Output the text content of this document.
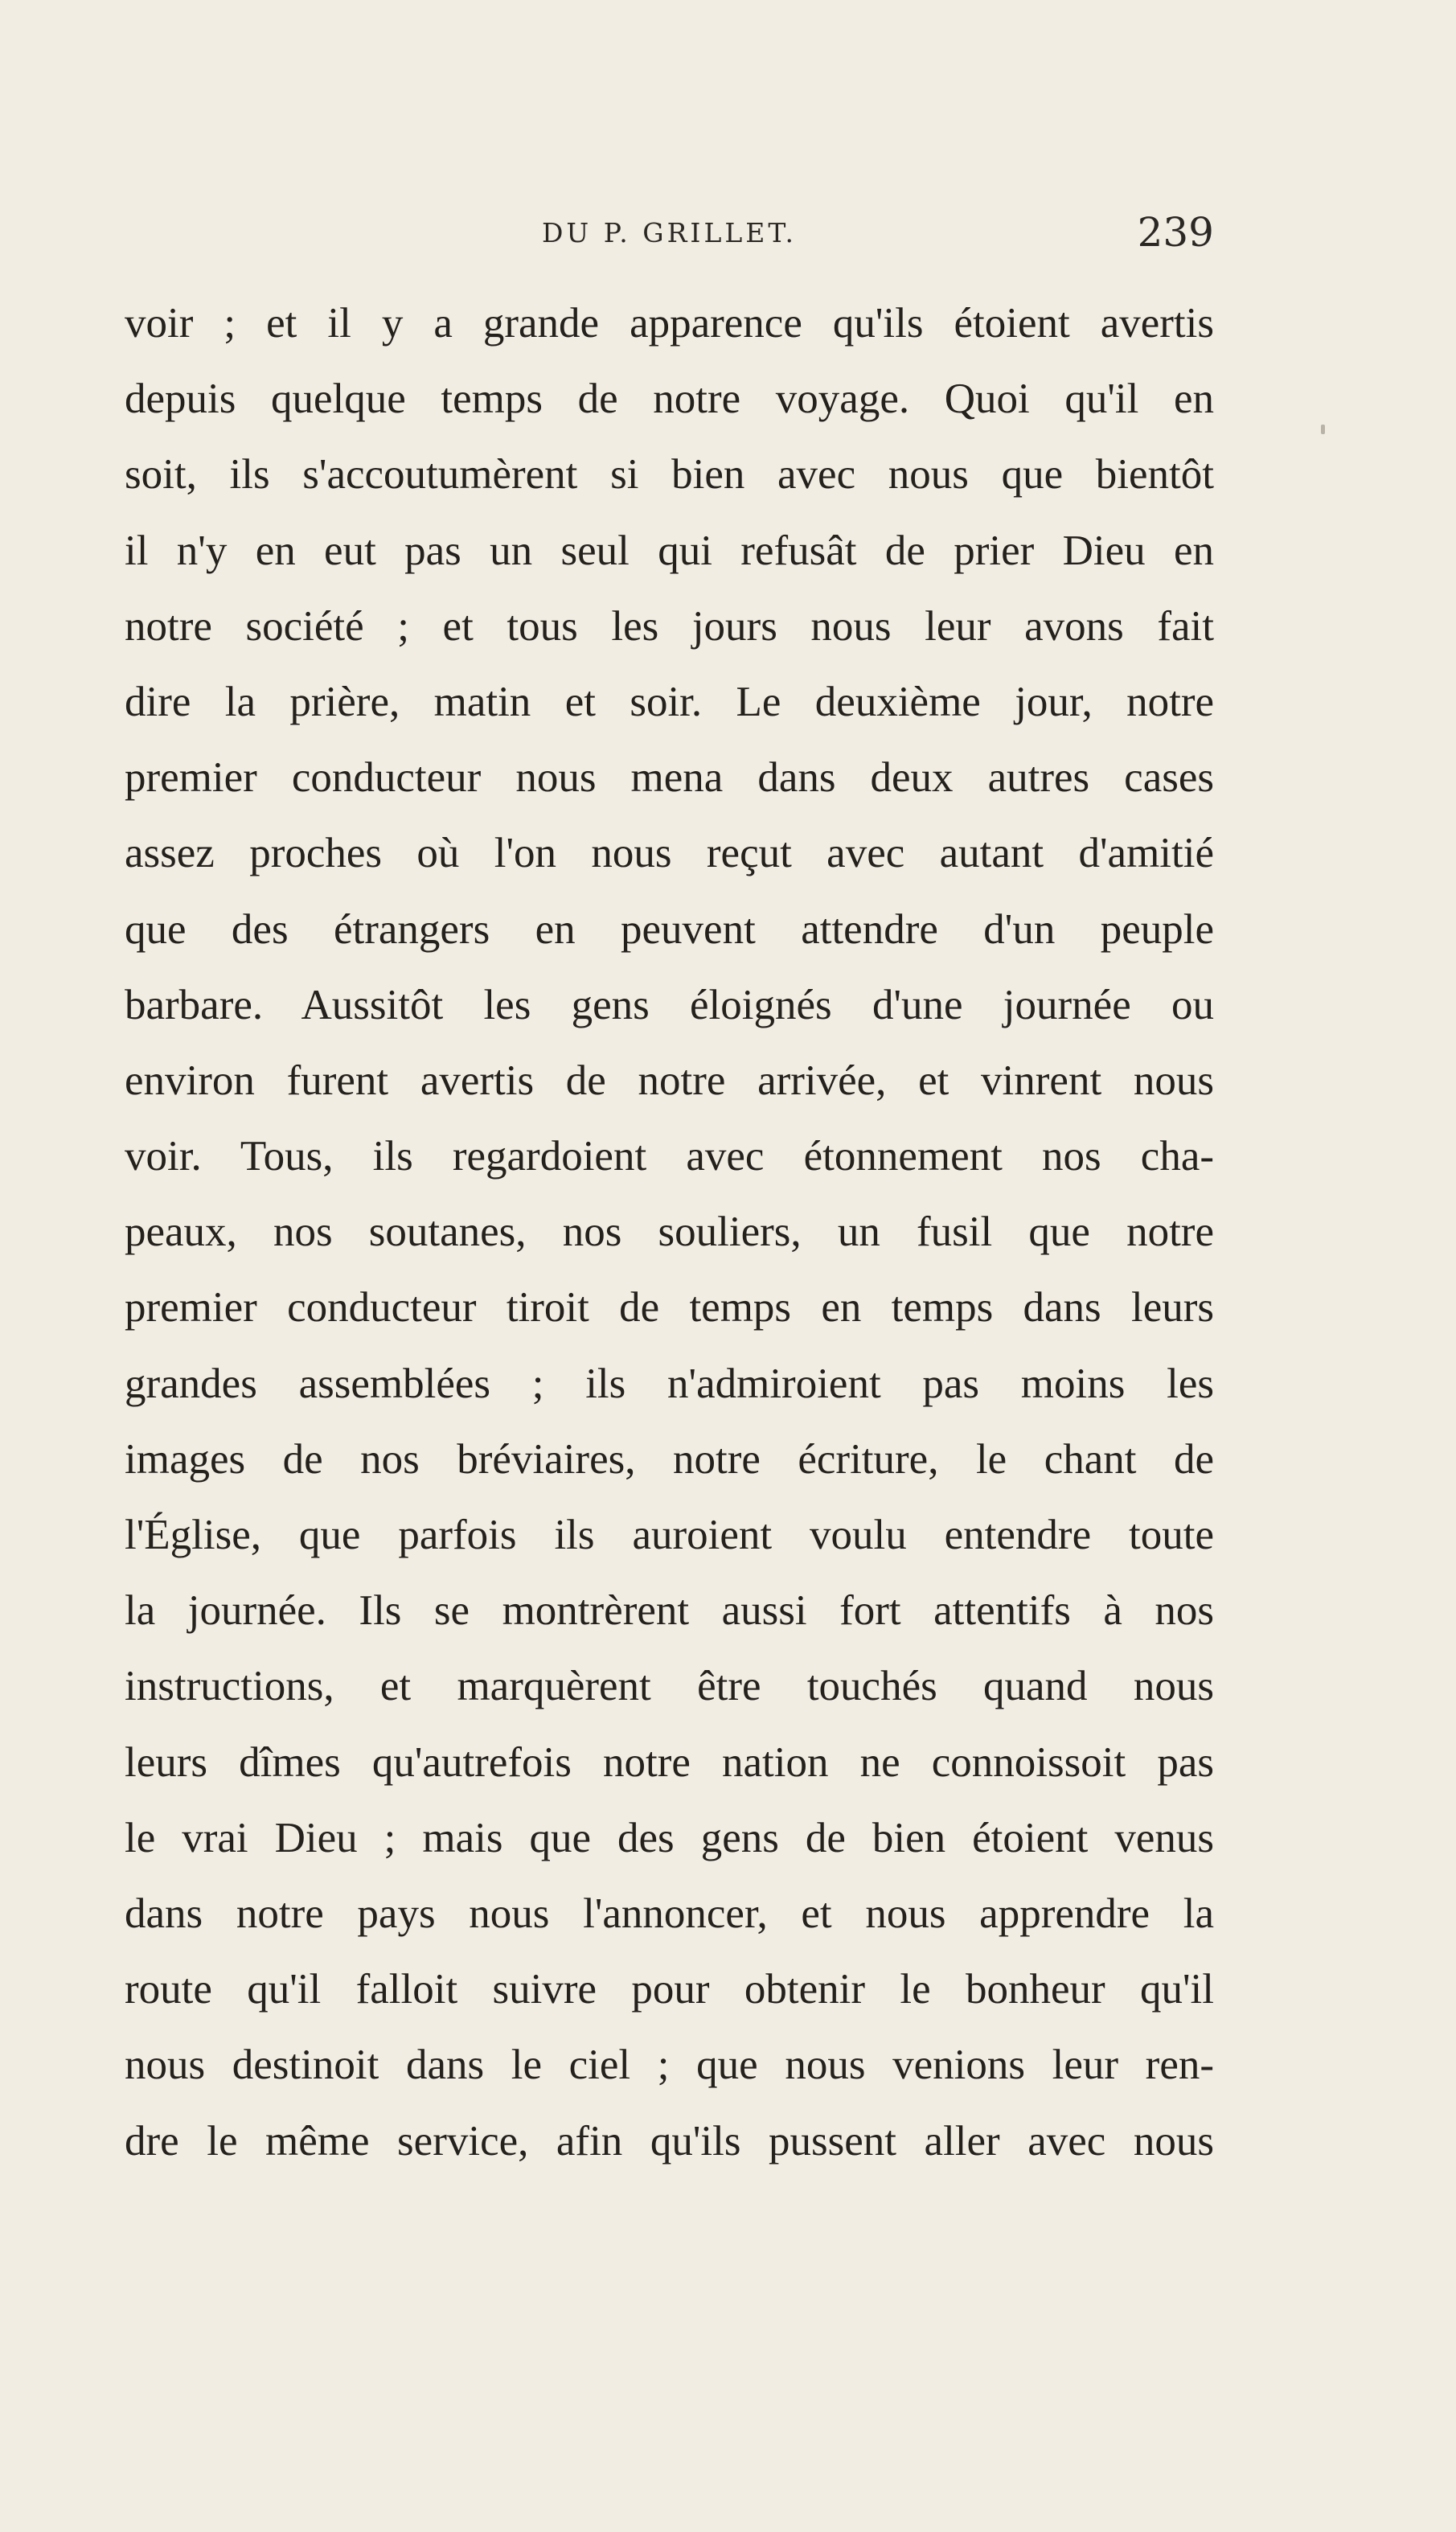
DU P. GRILLET.	239
voir ; et il y a grande apparence qu'ils étoient avertis
depuis quelque temps de notre voyage. Quoi qu'il en
soit, ils s'accoutumèrent si bien avec nous que bientôt
il n'y en eut pas un seul qui refusât de prier Dieu en
notre société ; et tous les jours nous leur avons fait
dire la prière, matin et soir. Le deuxième jour, notre
premier conducteur nous mena dans deux autres cases
assez proches où l'on nous reçut avec autant d'amitié
que des étrangers en peuvent attendre d'un peuple
barbare. Aussitôt les gens éloignés d'une journée ou
environ furent avertis de notre arrivée, et vinrent nous
voir. Tous, ils regardoient avec étonnement nos cha-
peaux, nos soutanes, nos souliers, un fusil que notre
premier conducteur tiroit de temps en temps dans leurs
grandes assemblées ; ils n'admiroient pas moins les
images de nos bréviaires, notre écriture, le chant de
l'Église, que parfois ils auroient voulu entendre toute
la journée. Ils se montrèrent aussi fort attentifs à nos
instructions, et marquèrent être touchés quand nous
leurs dîmes qu'autrefois notre nation ne connoissoit pas
le vrai Dieu ; mais que des gens de bien étoient venus
dans notre pays nous l'annoncer, et nous apprendre la
route qu'il falloit suivre pour obtenir le bonheur qu'il
nous destinoit dans le ciel ; que nous venions leur ren-
dre le même service, afin qu'ils pussent aller avec nous
